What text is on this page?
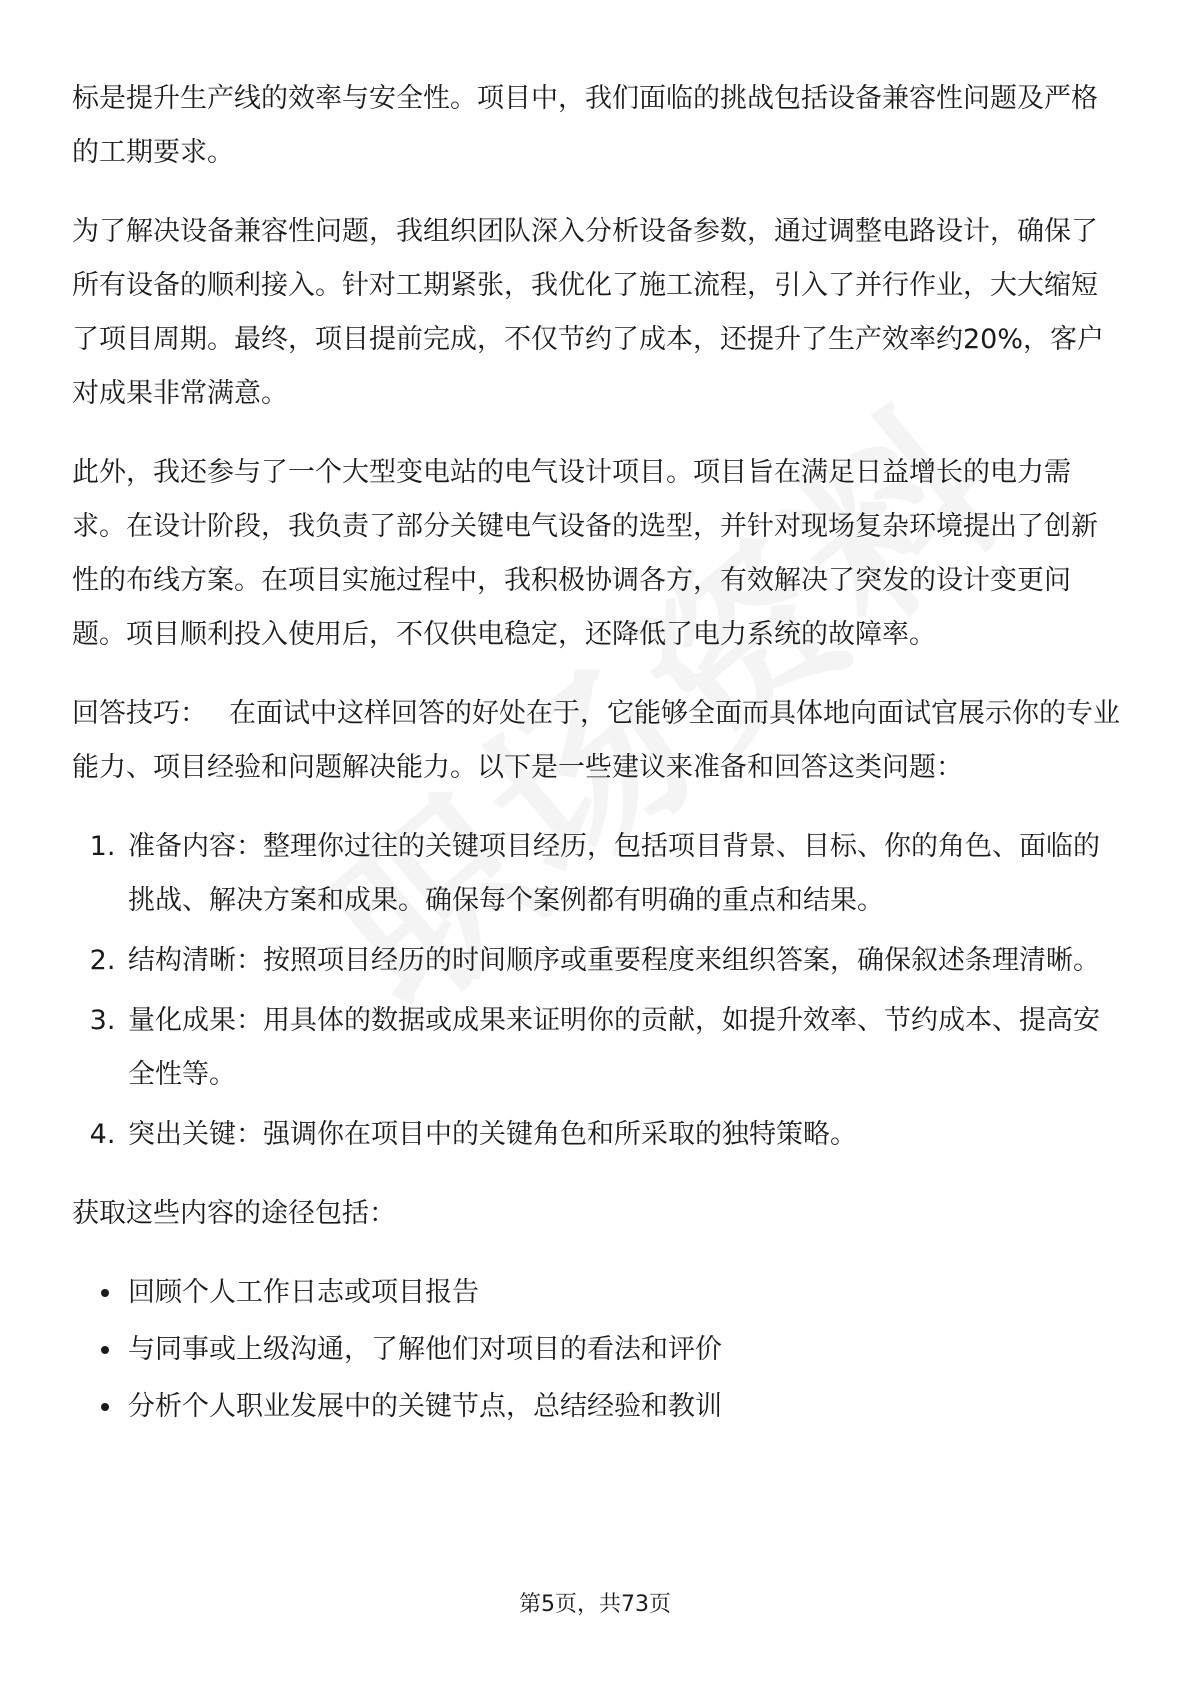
标是提升生产线的效率与安全性。项目中，我们面临的挑战包括设备兼容性问题及严格的工期要求。

为了解决设备兼容性问题，我组织团队深入分析设备参数，通过调整电路设计，确保了所有设备的顺利接入。针对工期紧张，我优化了施工流程，引入了并行作业，大大缩短了项目周期。最终，项目提前完成，不仅节约了成本，还提升了生产效率约20%，客户对成果非常满意。

此外，我还参与了一个大型变电站的电气设计项目。项目旨在满足日益增长的电力需求。在设计阶段，我负责了部分关键电气设备的选型，并针对现场复杂环境提出了创新性的布线方案。在项目实施过程中，我积极协调各方，有效解决了突发的设计变更问题。项目顺利投入使用后，不仅供电稳定，还降低了电力系统的故障率。

回答技巧： 在面试中这样回答的好处在于，它能够全面而具体地向面试官展示你的专业能力、项目经验和问题解决能力。以下是一些建议来准备和回答这类问题：

1. 准备内容：整理你过往的关键项目经历，包括项目背景、目标、你的角色、面临的挑战、解决方案和成果。确保每个案例都有明确的重点和结果。
2. 结构清晰：按照项目经历的时间顺序或重要程度来组织答案，确保叙述条理清晰。
3. 量化成果：用具体的数据或成果来证明你的贡献，如提升效率、节约成本、提高安全性等。
4. 突出关键：强调你在项目中的关键角色和所采取的独特策略。

获取这些内容的途径包括：

• 回顾个人工作日志或项目报告
• 与同事或上级沟通，了解他们对项目的看法和评价
• 分析个人职业发展中的关键节点，总结经验和教训
第5页，共73页
